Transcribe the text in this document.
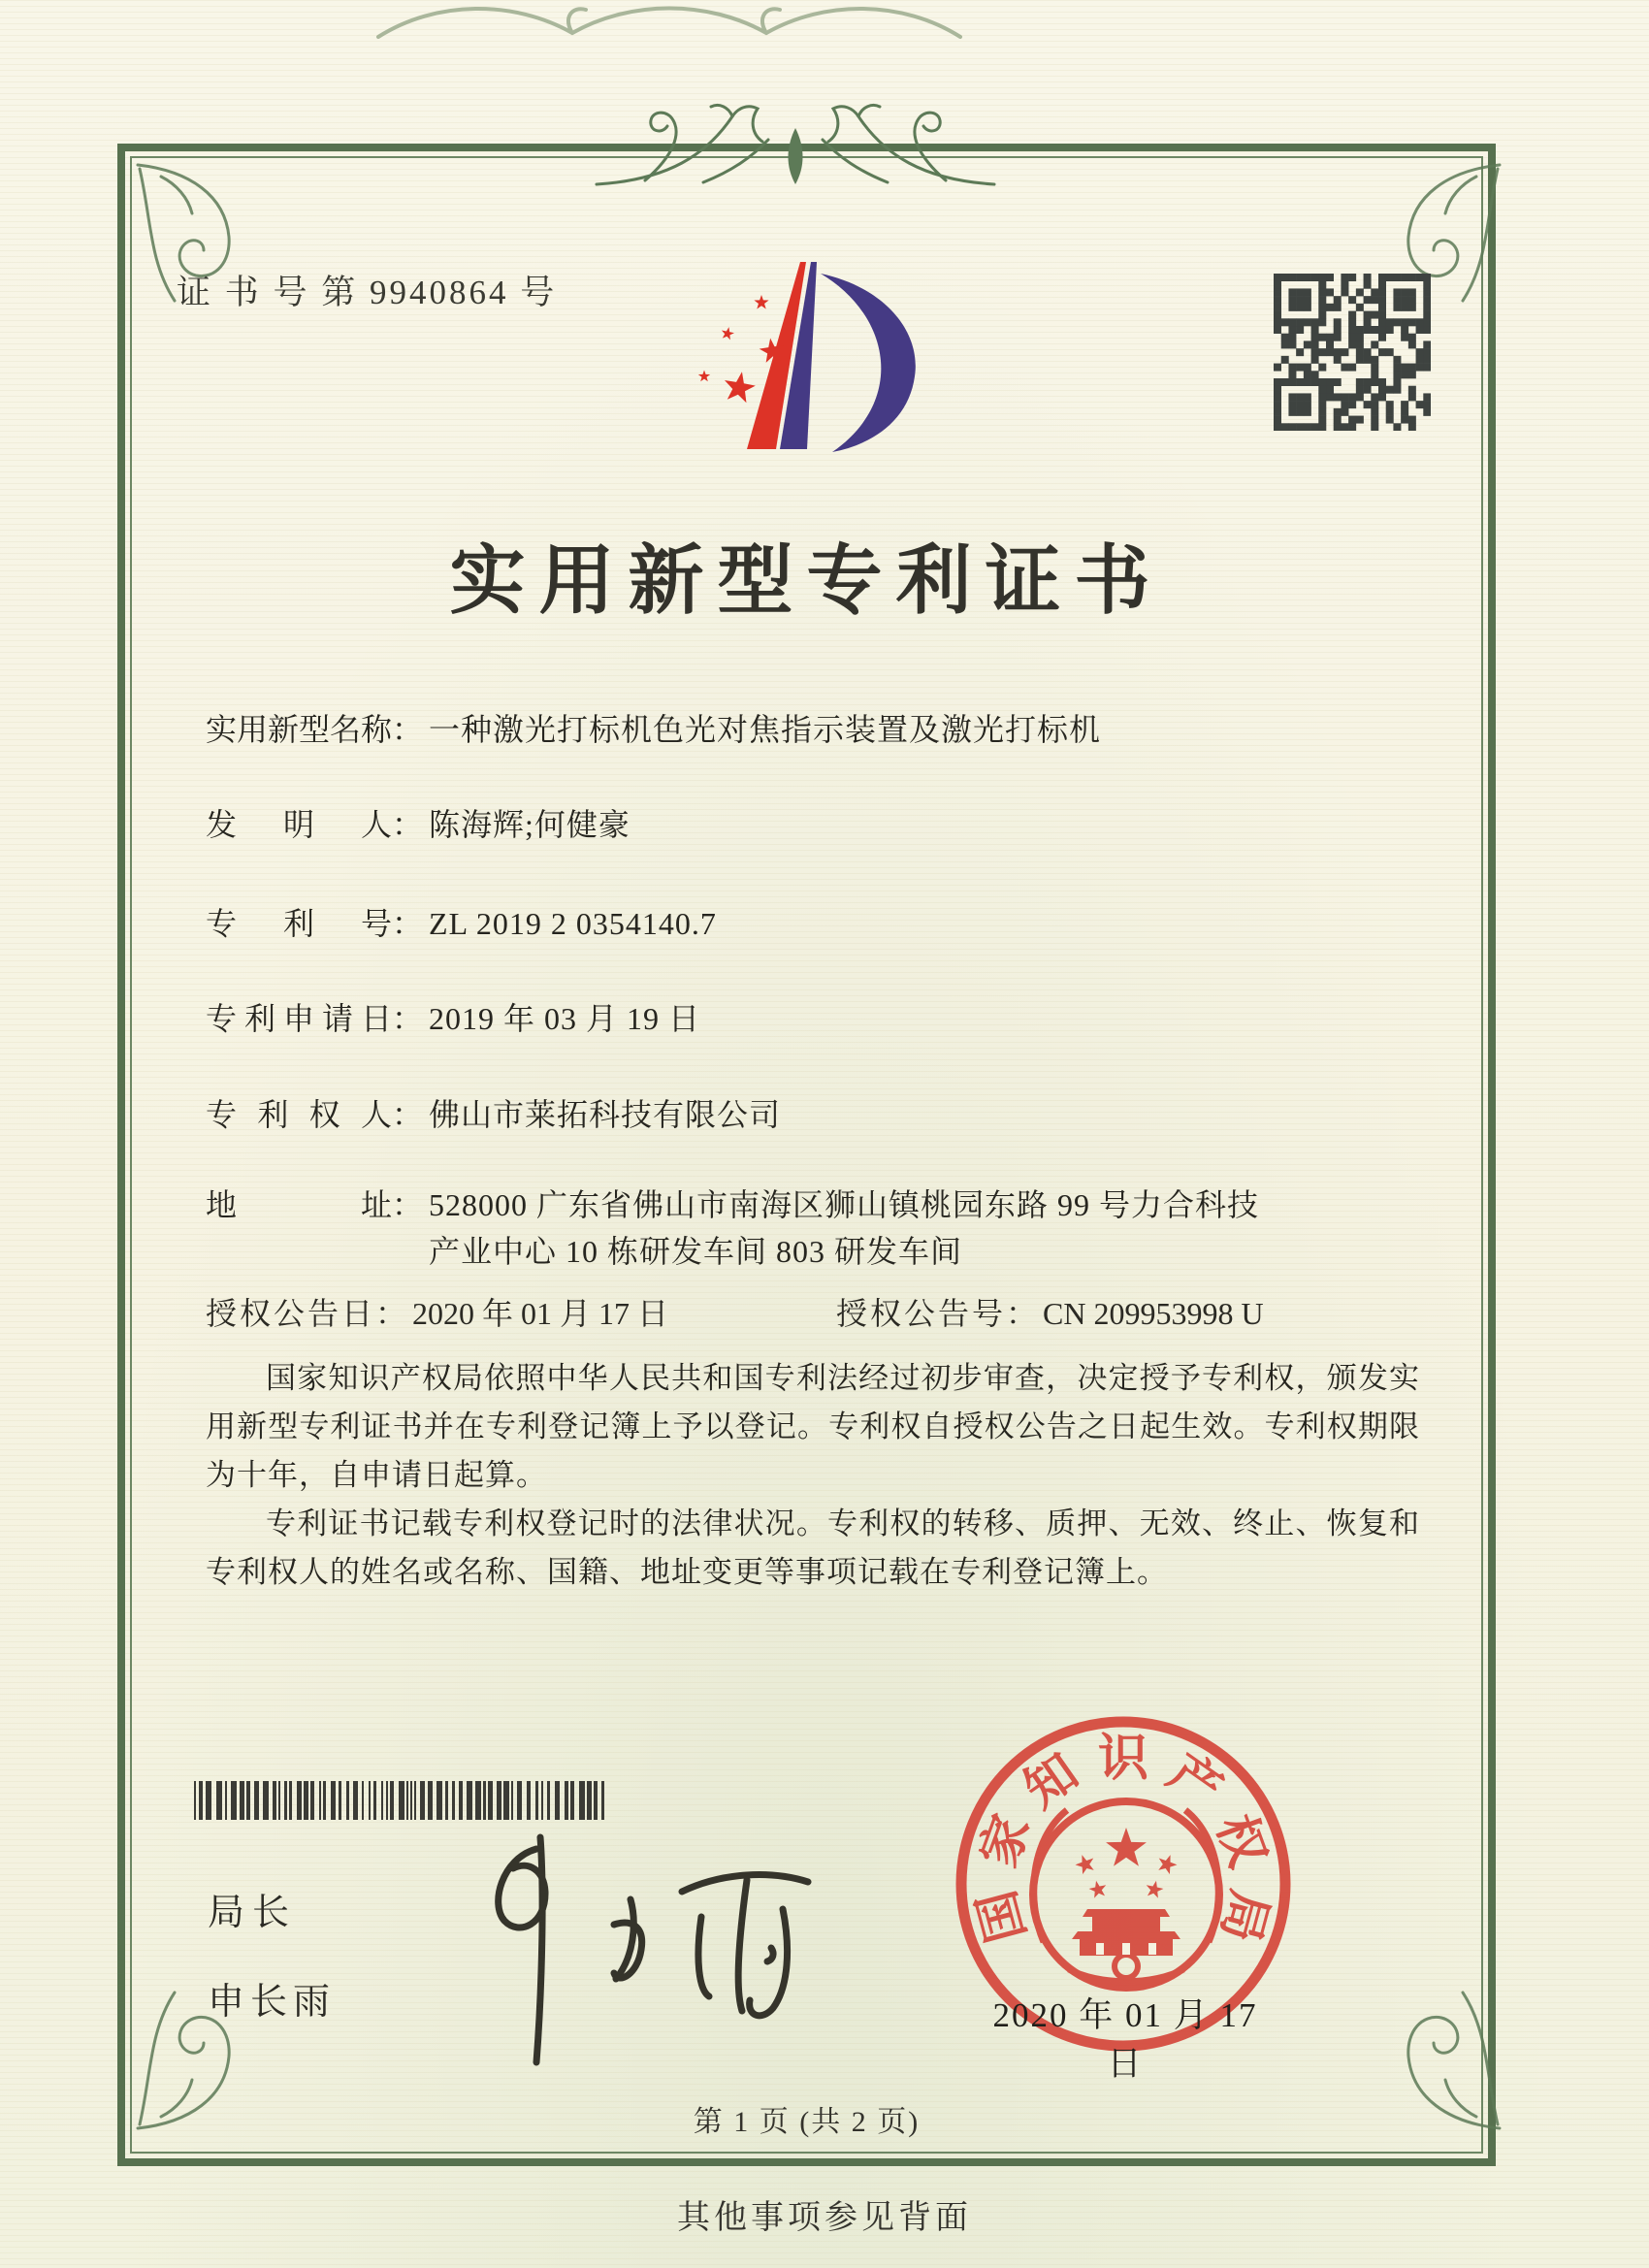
证 书 号 第 9940864 号
实用新型专利证书
实用新型名称 ： 一种激光打标机色光对焦指示装置及激光打标机
发明人 ： 陈海辉;何健豪
专利号 ： ZL 2019 2 0354140.7
专利申请日 ： 2019 年 03 月 19 日
专利权人 ： 佛山市莱拓科技有限公司
地址 ： 528000 广东省佛山市南海区狮山镇桃园东路 99 号力合科技产业中心 10 栋研发车间 803 研发车间
授权公告日 ： 2020 年 01 月 17 日	授权公告号 ： CN 209953998 U

国家知识产权局依照中华人民共和国专利法经过初步审查，决定授予专利权，颁发实用新型专利证书并在专利登记簿上予以登记。专利权自授权公告之日起生效。专利权期限为十年，自申请日起算。

专利证书记载专利权登记时的法律状况。专利权的转移、质押、无效、终止、恢复和专利权人的姓名或名称、国籍、地址变更等事项记载在专利登记簿上。

局长
申长雨
国
家
知 识 产
权
局
2020 年 01 月 17 日
第 1 页 (共 2 页)
其他事项参见背面
